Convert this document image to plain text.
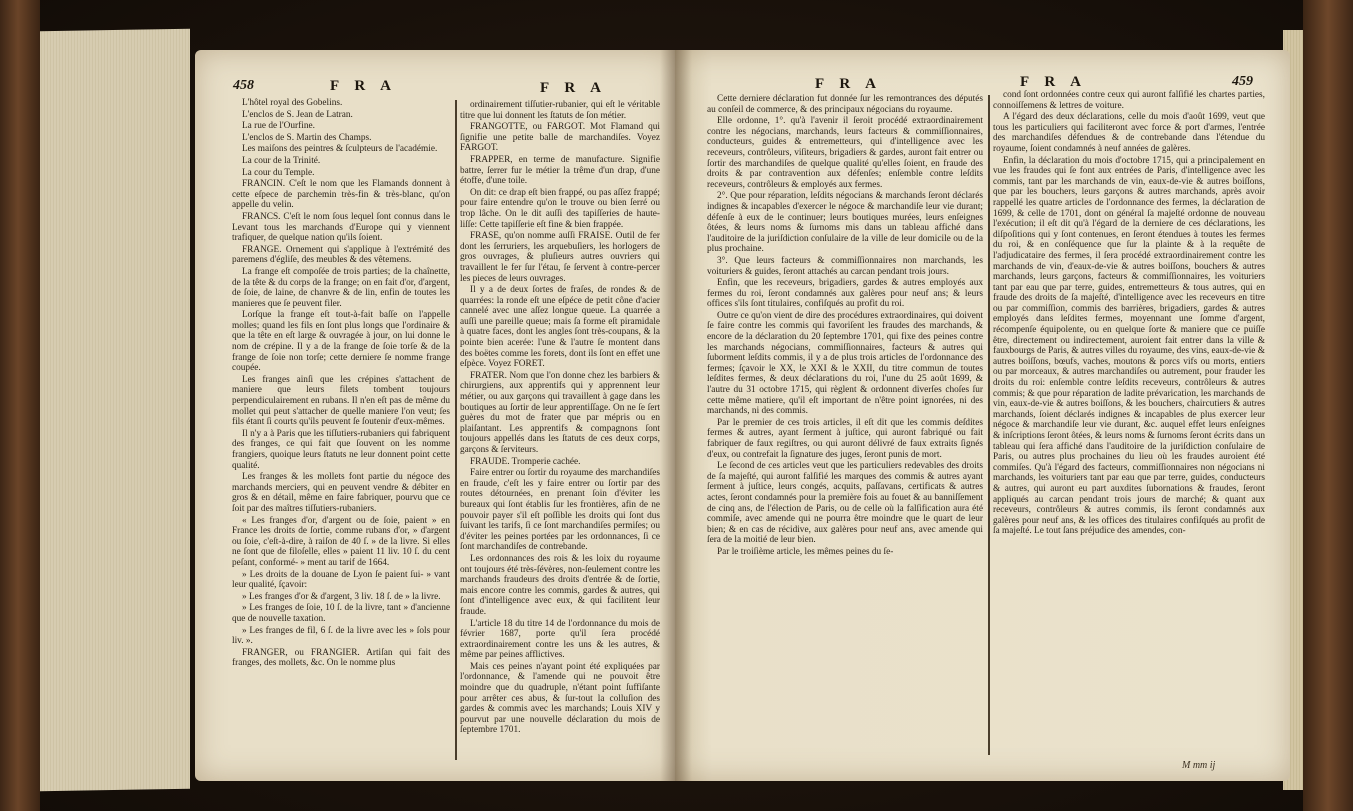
458	F R A	F R A

L'hôtel royal des Gobelins.

L'enclos de S. Jean de Latran.

La rue de l'Ourfine.

L'enclos de S. Martin des Champs.

Les maiſons des peintres & ſculpteurs de l'académie.

La cour de la Trinité.

La cour du Temple.

FRANCIN. C'eſt le nom que les Flamands donnent à cette eſpece de parchemin très-fin & très-blanc, qu'on appelle du velin.

FRANCS. C'eſt le nom ſous lequel ſont connus dans le Levant tous les marchands d'Europe qui y viennent trafiquer, de quelque nation qu'ils ſoient.

FRANGE. Ornement qui s'applique à l'extrémité des paremens d'égliſe, des meubles & des vêtemens.

La frange eſt compoſée de trois parties; de la chaînette, de la tête & du corps de la frange; on en fait d'or, d'argent, de ſoie, de laine, de chanvre & de lin, enfin de toutes les manieres que ſe peuvent filer.

Lorſque la frange eſt tout-à-fait baſſe on l'appelle molles; quand les fils en ſont plus longs que l'ordinaire & que la tête en eſt large & ouvragée à jour, on lui donne le nom de crépine. Il y a de la frange de ſoie torſe & de la frange de ſoie non torſe; cette derniere ſe nomme frange coupée.

Les franges ainſi que les crépines s'attachent de maniere que leurs filets tombent toujours perpendiculairement en rubans. Il n'en eſt pas de même du mollet qui peut s'attacher de quelle maniere l'on veut; ſes fils étant ſi courts qu'ils peuvent ſe ſoutenir d'eux-mêmes.

Il n'y a à Paris que les tiſſutiers-rubaniers qui fabriquent des franges, ce qui fait que ſouvent on les nomme frangiers, quoique leurs ſtatuts ne leur donnent point cette qualité.

Les franges & les mollets font partie du négoce des marchands merciers, qui en peuvent vendre & débiter en gros & en détail, même en faire fabriquer, pourvu que ce ſoit par des maîtres tiſſutiers-rubaniers.

« Les franges d'or, d'argent ou de ſoie, paient » en France les droits de ſortie, comme rubans d'or, » d'argent ou ſoie, c'eſt-à-dire, à raiſon de 40 ſ. » de la livre. Si elles ne ſont que de filoſelle, elles » paient 11 liv. 10 ſ. du cent peſant, conformé- » ment au tarif de 1664.

» Les droits de la douane de Lyon ſe paient ſui- » vant leur qualité, ſçavoir:

» Les franges d'or & d'argent, 3 liv. 18 ſ. de » la livre.

» Les franges de ſoie, 10 ſ. de la livre, tant » d'ancienne que de nouvelle taxation.

» Les franges de fil, 6 ſ. de la livre avec les » ſols pour liv. ».

FRANGER, ou FRANGIER. Artiſan qui fait des franges, des mollets, &c. On le nomme plus

ordinairement tiſſutier-rubanier, qui eſt le véritable titre que lui donnent les ſtatuts de ſon métier.

FRANGOTTE, ou FARGOT. Mot Flamand qui ſignifie une petite balle de marchandiſes. Voyez FARGOT.

FRAPPER, en terme de manufacture. Signifie battre, ſerrer fur le métier la trême d'un drap, d'une étoffe, d'une toile.

On dit: ce drap eſt bien frappé, ou pas aſſez frappé; pour faire entendre qu'on le trouve ou bien ſerré ou trop lâche. On le dit auſſi des tapiſſeries de haute-liſſe: Cette tapiſſerie eſt fine & bien frappée.

FRASE, qu'on nomme auſſi FRAISE. Outil de fer dont les ſerruriers, les arquebuſiers, les horlogers de gros ouvrages, & pluſieurs autres ouvriers qui travaillent le fer ſur l'étau, ſe ſervent à contre-percer les pieces de leurs ouvrages.

Il y a de deux ſortes de fraſes, de rondes & de quarrées: la ronde eſt une eſpéce de petit cône d'acier cannelé avec une aſſez longue queue. La quarrée a auſſi une pareille queue; mais ſa forme eſt piramidale à quatre faces, dont les angles ſont très-coupans, & la pointe bien acerée: l'une & l'autre ſe montent dans des boëtes comme les forets, dont ils ſont en effet une eſpèce. Voyez FORET.

FRATER. Nom que l'on donne chez les barbiers & chirurgiens, aux apprentifs qui y apprennent leur métier, ou aux garçons qui travaillent à gage dans les boutiques au ſortir de leur apprentiſſage. On ne ſe ſert guères du mot de frater que par mépris ou en plaiſantant. Les apprentifs & compagnons ſont toujours appellés dans les ſtatuts de ces deux corps, garçons & ſerviteurs.

FRAUDE. Tromperie cachée.

Faire entrer ou ſortir du royaume des marchandiſes en fraude, c'eſt les y faire entrer ou ſortir par des routes détournées, en prenant ſoin d'éviter les bureaux qui ſont établis ſur les frontières, afin de ne pouvoir payer s'il eſt poſſible les droits qui ſont dus ſuivant les tarifs, ſi ce ſont marchandiſes permiſes; ou d'éviter les peines portées par les ordonnances, ſi ce ſont marchandiſes de contrebande.

Les ordonnances des rois & les loix du royaume ont toujours été très-ſévères, non-ſeulement contre les marchands fraudeurs des droits d'entrée & de ſortie, mais encore contre les commis, gardes & autres, qui ſont d'intelligence avec eux, & qui facilitent leur fraude.

L'article 18 du titre 14 de l'ordonnance du mois de février 1687, porte qu'il ſera procédé extraordinairement contre les uns & les autres, & même par peines afflictives.

Mais ces peines n'ayant point été expliquées par l'ordonnance, & l'amende qui ne pouvoit être moindre que du quadruple, n'étant point ſuffiſante pour arrêter ces abus, & ſur-tout la colluſion des gardes & commis avec les marchands; Louis XIV y pourvut par une nouvelle déclaration du mois de ſeptembre 1701.

F R A	F R A	459

Cette derniere déclaration fut donnée ſur les remontrances des députés au conſeil de commerce, & des principaux négocians du royaume.

Elle ordonne, 1°. qu'à l'avenir il ſeroit procédé extraordinairement contre les négocians, marchands, leurs facteurs & commiſſionnaires, conducteurs, guides & entremetteurs, qui d'intelligence avec les receveurs, contrôleurs, viſiteurs, brigadiers & gardes, auront fait entrer ou ſortir des marchandiſes de quelque qualité qu'elles ſoient, en fraude des droits & par contravention aux défenſes; enſemble contre leſdits receveurs, contrôleurs & employés aux fermes.

2°. Que pour réparation, leſdits négocians & marchands ſeront déclarés indignes & incapables d'exercer le négoce & marchandiſe leur vie durant; défenſe à eux de le continuer; leurs boutiques murées, leurs enſeignes ôtées, & leurs noms & ſurnoms mis dans un tableau affiché dans l'auditoire de la juriſdiction conſulaire de la ville de leur domicile ou de la plus prochaine.

3°. Que leurs facteurs & commiſſionnaires non marchands, les voituriers & guides, ſeront attachés au carcan pendant trois jours.

Enfin, que les receveurs, brigadiers, gardes & autres employés aux fermes du roi, ſeront condamnés aux galères pour neuf ans; & leurs offices s'ils ſont titulaires, confiſqués au profit du roi.

Outre ce qu'on vient de dire des procédures extraordinaires, qui doivent ſe faire contre les commis qui favoriſent les fraudes des marchands, & encore de la déclaration du 20 ſeptembre 1701, qui fixe des peines contre les marchands négocians, commiſſionnaires, facteurs & autres qui ſuborment leſdits commis, il y a de plus trois articles de l'ordonnance des fermes; ſçavoir le XX, le XXI & le XXII, du titre commun de toutes leſdites fermes, & deux déclarations du roi, l'une du 25 août 1699, & l'autre du 31 octobre 1715, qui règlent & ordonnent diverſes choſes ſur cette même matiere, qu'il eſt important de n'être point ignorées, ni des marchands, ni des commis.

Par le premier de ces trois articles, il eſt dit que les commis deſdites fermes & autres, ayant ſerment à juſtice, qui auront fabriqué ou fait fabriquer de faux regiſtres, ou qui auront délivré de faux extraits ſignés d'eux, ou contrefait la ſignature des juges, ſeront punis de mort.

Le ſecond de ces articles veut que les particuliers redevables des droits de ſa majeſté, qui auront falſifié les marques des commis & autres ayant ſerment à juſtice, leurs congés, acquits, paſſavans, certificats & autres actes, ſeront condamnés pour la première fois au fouet & au banniſſement de cinq ans, de l'élection de Paris, ou de celle où la falſification aura été commiſe, avec amende qui ne pourra être moindre que le quart de leur bien; & en cas de récidive, aux galères pour neuf ans, avec amende qui ſera de la moitié de leur bien.

Par le troiſième article, les mêmes peines du ſe-

cond ſont ordonnées contre ceux qui auront falſifié les chartes parties, connoiſſemens & lettres de voiture.

A l'égard des deux déclarations, celle du mois d'août 1699, veut que tous les particuliers qui faciliteront avec force & port d'armes, l'entrée des marchandiſes défendues & de contrebande dans l'étendue du royaume, ſoient condamnés à neuf années de galères.

Enfin, la déclaration du mois d'octobre 1715, qui a principalement en vue les fraudes qui ſe font aux entrées de Paris, d'intelligence avec les commis, tant par les marchands de vin, eaux-de-vie & autres boiſſons, que par les bouchers, leurs garçons & autres marchands, après avoir rappellé les quatre articles de l'ordonnance des fermes, la déclaration de 1699, & celle de 1701, dont on général ſa majeſté ordonne de nouveau l'exécution; il eſt dit qu'à l'égard de la derniere de ces déclarations, les diſpoſitions qui y ſont contenues, en ſeront étendues à toutes les fermes du roi, & en conſéquence que ſur la plainte & à la requête de l'adjudicataire des fermes, il ſera procédé extraordinairement contre les marchands de vin, d'eaux-de-vie & autres boiſſons, bouchers & autres marchands, leurs garçons, facteurs & commiſſionnaires, les voituriers tant par eau que par terre, guides, entremetteurs & tous autres, qui en fraude des droits de ſa majeſté, d'intelligence avec les receveurs en titre ou par commiſſion, commis des barrières, brigadiers, gardes & autres employés dans leſdites fermes, moyennant une ſomme d'argent, récompenſe équipolente, ou en quelque ſorte & maniere que ce puiſſe être, directement ou indirectement, auroient fait entrer dans la ville & fauxbourgs de Paris, & autres villes du royaume, des vins, eaux-de-vie & autres boiſſons, bœufs, vaches, moutons & porcs vifs ou morts, entiers ou par morceaux, & autres marchandiſes ou autrement, pour frauder les droits du roi: enſemble contre leſdits receveurs, contrôleurs & autres commis; & que pour réparation de ladite prévarication, les marchands de vin, eaux-de-vie & autres boiſſons, & les bouchers, chaircutiers & autres marchands, ſoient déclarés indignes & incapables de plus exercer leur négoce & marchandiſe leur vie durant, &c. auquel effet leurs enſeignes & inſcriptions ſeront ôtées, & leurs noms & ſurnoms ſeront écrits dans un tableau qui ſera affiché dans l'auditoire de la juriſdiction conſulaire de Paris, ou autres plus prochaines du lieu où les fraudes auroient été commiſes. Qu'à l'égard des facteurs, commiſſionnaires non négocians ni marchands, les voituriers tant par eau que par terre, guides, conducteurs & autres, qui auront eu part auxdites ſubornations & fraudes, ſeront appliqués au carcan pendant trois jours de marché; & quant aux receveurs, contrôleurs & autres commis, ils ſeront condamnés aux galères pour neuf ans, & les offices des titulaires confiſqués au profit de ſa majeſté. Le tout ſans préjudice des amendes, con-

M mm ij
